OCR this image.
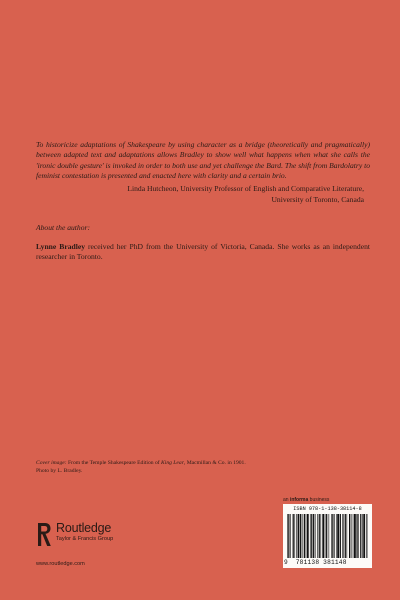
To historicize adaptations of Shakespeare by using character as a bridge (theoretically and pragmatically) between adapted text and adaptations allows Bradley to show well what happens when what she calls the 'ironic double gesture' is invoked in order to both use and yet challenge the Bard. The shift from Bardolatry to feminist contestation is presented and enacted here with clarity and a certain brio.

Linda Hutcheon, University Professor of English and Comparative Literature,
University of Toronto, Canada
About the author:

Lynne Bradley received her PhD from the University of Victoria, Canada. She works as an independent researcher in Toronto.

Cover image: From the Temple Shakespeare Edition of King Lear, Macmillan & Co. in 1901.
Photo by L. Bradley.
an informa business
ISBN 978-1-138-38114-8
9 781138 381148
Routledge
Taylor & Francis Group
www.routledge.com
